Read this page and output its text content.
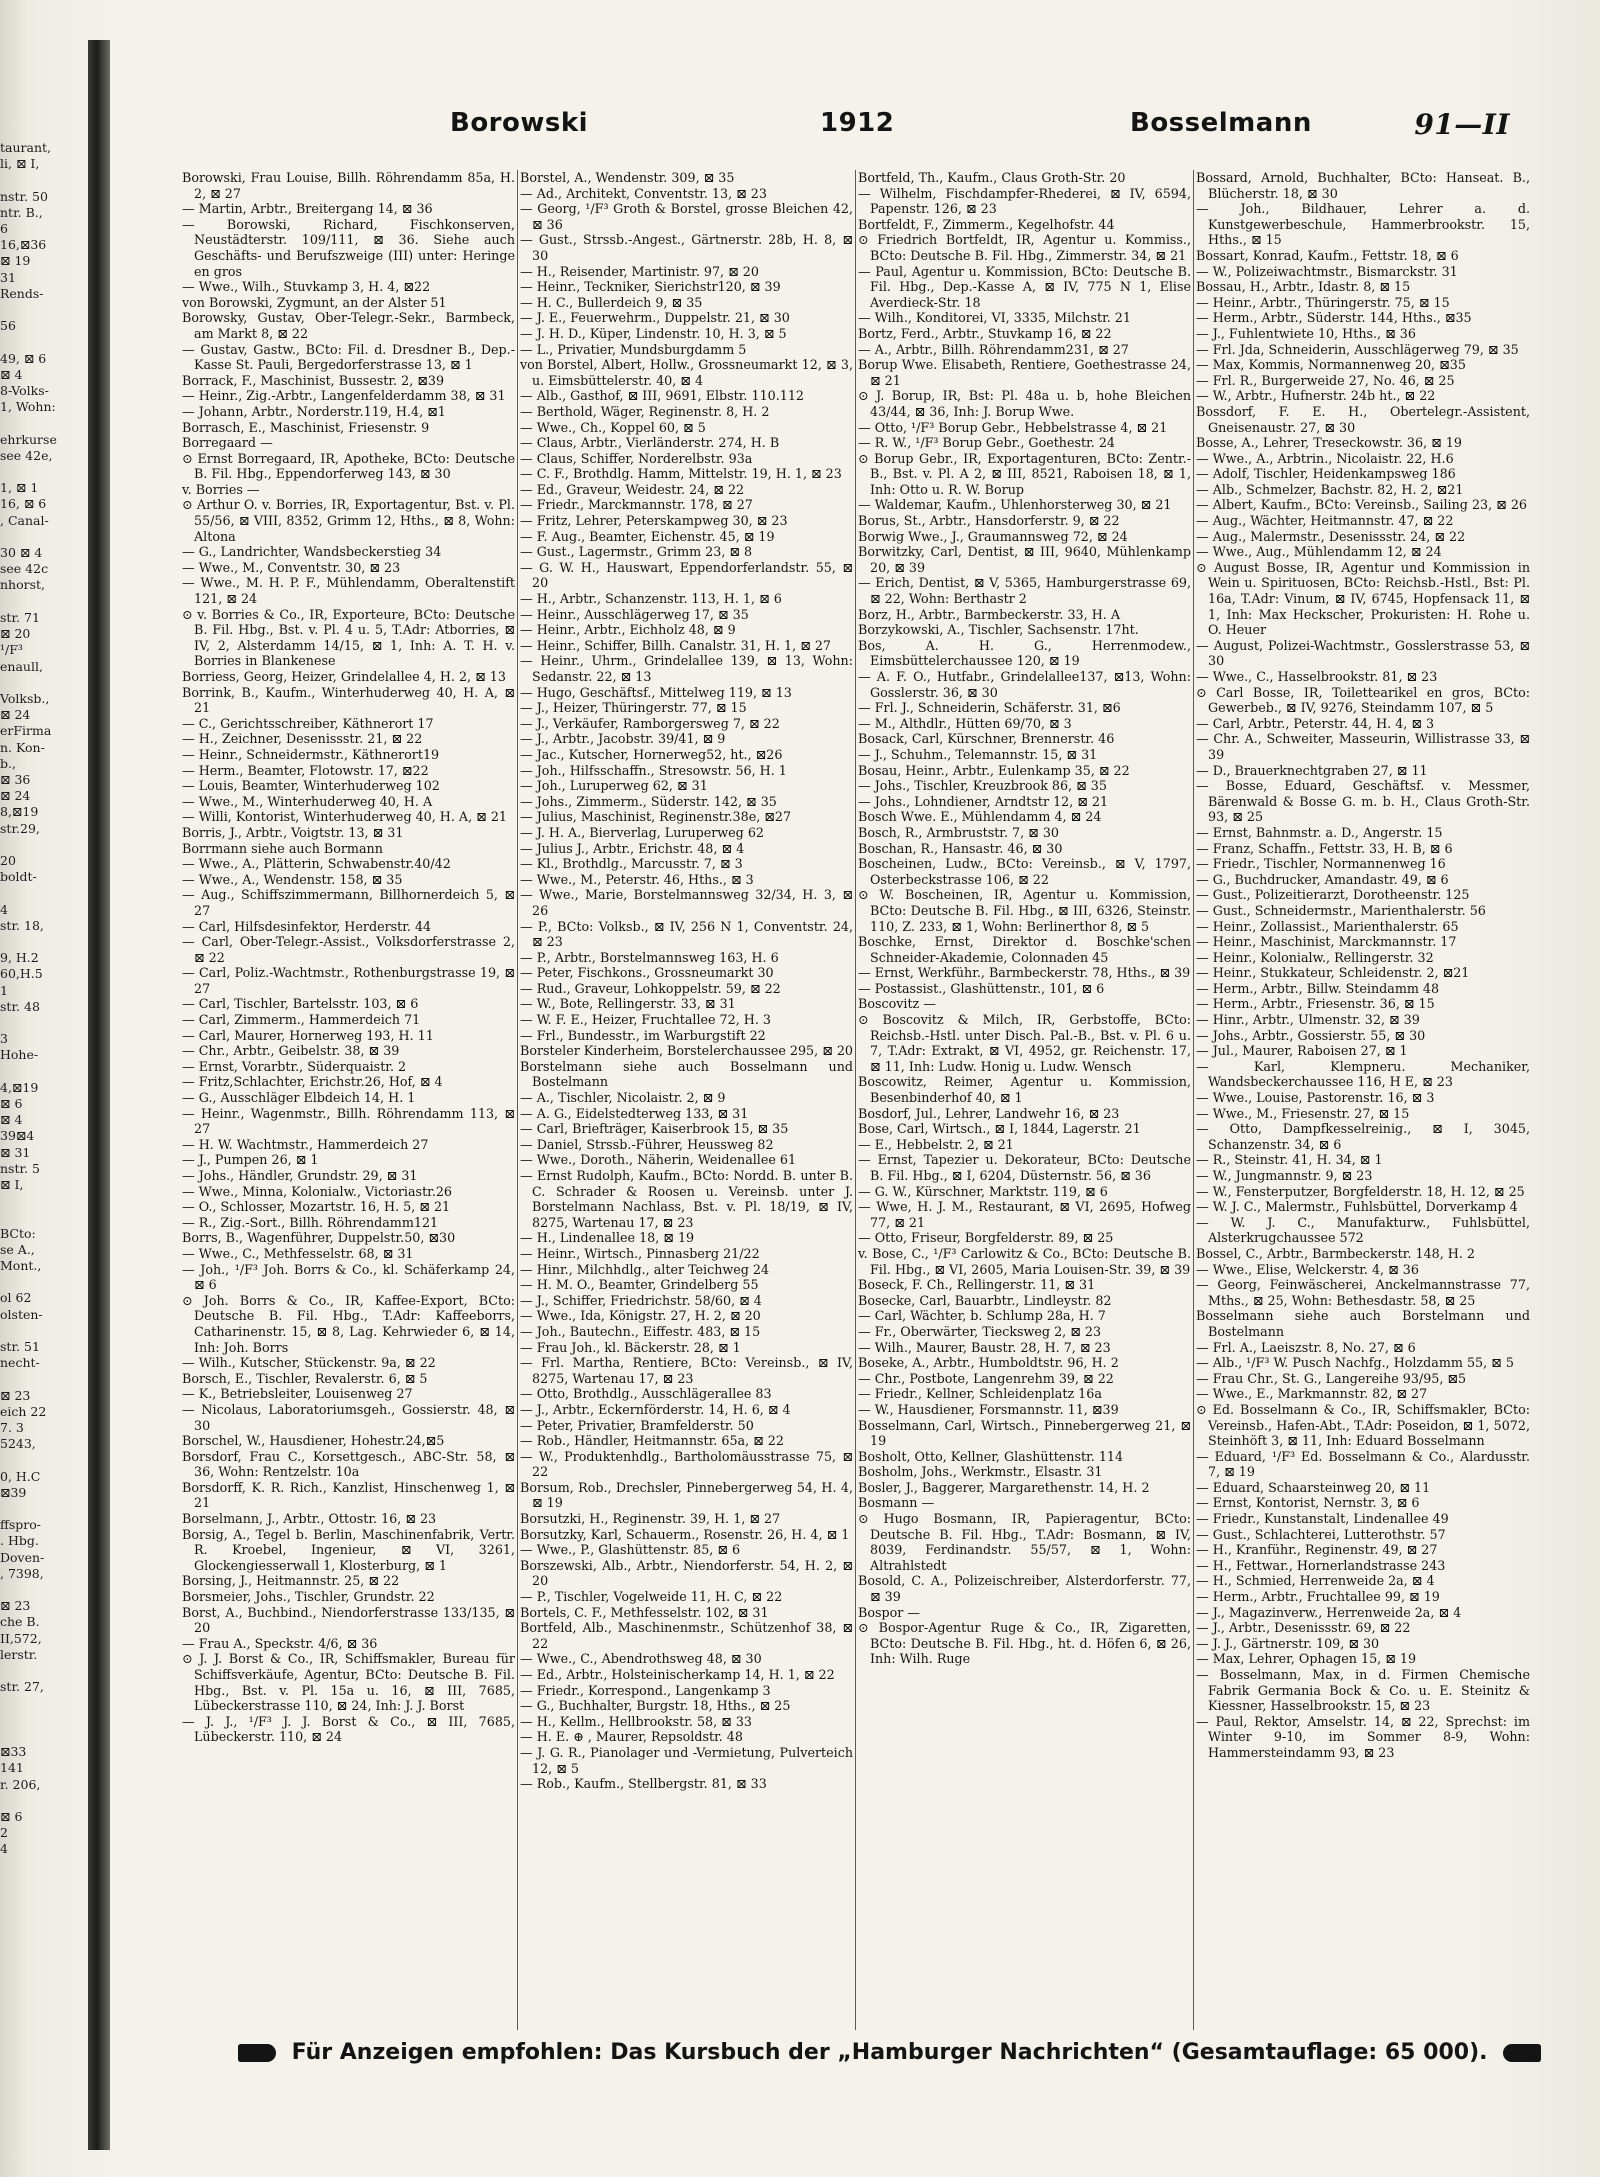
taurant,
li, ⊠ I,

nstr. 50
ntr. B.,
6
16,⊠36
⊠ 19
31
Rends-

56

49, ⊠ 6
⊠ 4
8-Volks-
1, Wohn:

ehrkurse
see 42e,

1, ⊠ 1
16, ⊠ 6
, Canal-

30 ⊠ 4
see 42c
nhorst,

str. 71
⊠ 20
¹/F³
enaull,

Volksb.,
⊠ 24
erFirma
n. Kon-
b.,
⊠ 36
⊠ 24
8,⊠19
str.29,

20
boldt-

4
str. 18,

9, H.2
60,H.5
1
str. 48

3
Hohe-

4,⊠19
⊠ 6
⊠ 4
39⊠4
⊠ 31
nstr. 5
⊠ I,

BCto:
se A.,
Mont.,

ol 62
olsten-

str. 51
necht-

⊠ 23
eich 22
7. 3
5243,

0, H.C
⊠39

ffspro-
. Hbg.
Doven-
, 7398,

⊠ 23
che B.
II,572,
lerstr.

str. 27,

⊠33
141
r. 206,

⊠ 6
2
4
Borowski	1912	Bosselmann	91—II

Borowski, Frau Louise, Billh. Röhrendamm 85a, H. 2, ⊠ 27

— Martin, Arbtr., Breitergang 14, ⊠ 36

— Borowski, Richard, Fischkonserven, Neustädterstr. 109/111, ⊠ 36. Siehe auch Geschäfts- und Berufszweige (III) unter: Heringe en gros

— Wwe., Wilh., Stuvkamp 3, H. 4, ⊠22

von Borowski, Zygmunt, an der Alster 51

Borowsky, Gustav, Ober-Telegr.-Sekr., Barmbeck, am Markt 8, ⊠ 22

— Gustav, Gastw., BCto: Fil. d. Dresdner B., Dep.-Kasse St. Pauli, Bergedorferstrasse 13, ⊠ 1

Borrack, F., Maschinist, Bussestr. 2, ⊠39

— Heinr., Zig.-Arbtr., Langenfelderdamm 38, ⊠ 31

— Johann, Arbtr., Norderstr.119, H.4, ⊠1

Borrasch, E., Maschinist, Friesenstr. 9

Borregaard —

⊙ Ernst Borregaard, IR, Apotheke, BCto: Deutsche B. Fil. Hbg., Eppendorferweg 143, ⊠ 30

v. Borries —

⊙ Arthur O. v. Borries, IR, Exportagentur, Bst. v. Pl. 55/56, ⊠ VIII, 8352, Grimm 12, Hths., ⊠ 8, Wohn: Altona

— G., Landrichter, Wandsbeckerstieg 34

— Wwe., M., Conventstr. 30, ⊠ 23

— Wwe., M. H. P. F., Mühlendamm, Oberaltenstift 121, ⊠ 24

⊙ v. Borries & Co., IR, Exporteure, BCto: Deutsche B. Fil. Hbg., Bst. v. Pl. 4 u. 5, T.Adr: Atborries, ⊠ IV, 2, Alsterdamm 14/15, ⊠ 1, Inh: A. T. H. v. Borries in Blankenese

Borriess, Georg, Heizer, Grindelallee 4, H. 2, ⊠ 13

Borrink, B., Kaufm., Winterhuderweg 40, H. A, ⊠ 21

— C., Gerichtsschreiber, Käthnerort 17

— H., Zeichner, Desenissstr. 21, ⊠ 22

— Heinr., Schneidermstr., Käthnerort19

— Herm., Beamter, Flotowstr. 17, ⊠22

— Louis, Beamter, Winterhuderweg 102

— Wwe., M., Winterhuderweg 40, H. A

— Willi, Kontorist, Winterhuderweg 40, H. A, ⊠ 21

Borris, J., Arbtr., Voigtstr. 13, ⊠ 31

Borrmann siehe auch Bormann

— Wwe., A., Plätterin, Schwabenstr.40/42

— Wwe., A., Wendenstr. 158, ⊠ 35

— Aug., Schiffszimmermann, Billhornerdeich 5, ⊠ 27

— Carl, Hilfsdesinfektor, Herderstr. 44

— Carl, Ober-Telegr.-Assist., Volksdorferstrasse 2, ⊠ 22

— Carl, Poliz.-Wachtmstr., Rothenburgstrasse 19, ⊠ 27

— Carl, Tischler, Bartelsstr. 103, ⊠ 6

— Carl, Zimmerm., Hammerdeich 71

— Carl, Maurer, Hornerweg 193, H. 11

— Chr., Arbtr., Geibelstr. 38, ⊠ 39

— Ernst, Vorarbtr., Süderquaistr. 2

— Fritz,Schlachter, Erichstr.26, Hof, ⊠ 4

— G., Ausschläger Elbdeich 14, H. 1

— Heinr., Wagenmstr., Billh. Röhrendamm 113, ⊠ 27

— H. W. Wachtmstr., Hammerdeich 27

— J., Pumpen 26, ⊠ 1

— Johs., Händler, Grundstr. 29, ⊠ 31

— Wwe., Minna, Kolonialw., Victoriastr.26

— O., Schlosser, Mozartstr. 16, H. 5, ⊠ 21

— R., Zig.-Sort., Billh. Röhrendamm121

Borrs, B., Wagenführer, Duppelstr.50, ⊠30

— Wwe., C., Methfesselstr. 68, ⊠ 31

— Joh., ¹/F³ Joh. Borrs & Co., kl. Schäferkamp 24, ⊠ 6

⊙ Joh. Borrs & Co., IR, Kaffee-Export, BCto: Deutsche B. Fil. Hbg., T.Adr: Kaffeeborrs, Catharinenstr. 15, ⊠ 8, Lag. Kehrwieder 6, ⊠ 14, Inh: Joh. Borrs

— Wilh., Kutscher, Stückenstr. 9a, ⊠ 22

Borsch, E., Tischler, Revalerstr. 6, ⊠ 5

— K., Betriebsleiter, Louisenweg 27

— Nicolaus, Laboratoriumsgeh., Gossierstr. 48, ⊠ 30

Borschel, W., Hausdiener, Hohestr.24,⊠5

Borsdorf, Frau C., Korsettgesch., ABC-Str. 58, ⊠ 36, Wohn: Rentzelstr. 10a

Borsdorff, K. R. Rich., Kanzlist, Hinschenweg 1, ⊠ 21

Borselmann, J., Arbtr., Ottostr. 16, ⊠ 23

Borsig, A., Tegel b. Berlin, Maschinenfabrik, Vertr. R. Kroebel, Ingenieur, ⊠ VI, 3261, Glockengiesserwall 1, Klosterburg, ⊠ 1

Borsing, J., Heitmannstr. 25, ⊠ 22

Borsmeier, Johs., Tischler, Grundstr. 22

Borst, A., Buchbind., Niendorferstrasse 133/135, ⊠ 20

— Frau A., Speckstr. 4/6, ⊠ 36

⊙ J. J. Borst & Co., IR, Schiffsmakler, Bureau für Schiffsverkäufe, Agentur, BCto: Deutsche B. Fil. Hbg., Bst. v. Pl. 15a u. 16, ⊠ III, 7685, Lübeckerstrasse 110, ⊠ 24, Inh: J. J. Borst

— J. J., ¹/F³ J. J. Borst & Co., ⊠ III, 7685, Lübeckerstr. 110, ⊠ 24

Borstel, A., Wendenstr. 309, ⊠ 35

— Ad., Architekt, Conventstr. 13, ⊠ 23

— Georg, ¹/F³ Groth & Borstel, grosse Bleichen 42, ⊠ 36

— Gust., Strssb.-Angest., Gärtnerstr. 28b, H. 8, ⊠ 30

— H., Reisender, Martinistr. 97, ⊠ 20

— Heinr., Teckniker, Sierichstr120, ⊠ 39

— H. C., Bullerdeich 9, ⊠ 35

— J. E., Feuerwehrm., Duppelstr. 21, ⊠ 30

— J. H. D., Küper, Lindenstr. 10, H. 3, ⊠ 5

— L., Privatier, Mundsburgdamm 5

von Borstel, Albert, Hollw., Grossneumarkt 12, ⊠ 3, u. Eimsbüttelerstr. 40, ⊠ 4

— Alb., Gasthof, ⊠ III, 9691, Elbstr. 110.112

— Berthold, Wäger, Reginenstr. 8, H. 2

— Wwe., Ch., Koppel 60, ⊠ 5

— Claus, Arbtr., Vierländerstr. 274, H. B

— Claus, Schiffer, Norderelbstr. 93a

— C. F., Brothdlg. Hamm, Mittelstr. 19, H. 1, ⊠ 23

— Ed., Graveur, Weidestr. 24, ⊠ 22

— Friedr., Marckmannstr. 178, ⊠ 27

— Fritz, Lehrer, Peterskampweg 30, ⊠ 23

— F. Aug., Beamter, Eichenstr. 45, ⊠ 19

— Gust., Lagermstr., Grimm 23, ⊠ 8

— G. W. H., Hauswart, Eppendorferlandstr. 55, ⊠ 20

— H., Arbtr., Schanzenstr. 113, H. 1, ⊠ 6

— Heinr., Ausschlägerweg 17, ⊠ 35

— Heinr., Arbtr., Eichholz 48, ⊠ 9

— Heinr., Schiffer, Billh. Canalstr. 31, H. 1, ⊠ 27

— Heinr., Uhrm., Grindelallee 139, ⊠ 13, Wohn: Sedanstr. 22, ⊠ 13

— Hugo, Geschäftsf., Mittelweg 119, ⊠ 13

— J., Heizer, Thüringerstr. 77, ⊠ 15

— J., Verkäufer, Ramborgersweg 7, ⊠ 22

— J., Arbtr., Jacobstr. 39/41, ⊠ 9

— Jac., Kutscher, Hornerweg52, ht., ⊠26

— Joh., Hilfsschaffn., Stresowstr. 56, H. 1

— Joh., Luruperweg 62, ⊠ 31

— Johs., Zimmerm., Süderstr. 142, ⊠ 35

— Julius, Maschinist, Reginenstr.38e, ⊠27

— J. H. A., Bierverlag, Luruperweg 62

— Julius J., Arbtr., Erichstr. 48, ⊠ 4

— Kl., Brothdlg., Marcusstr. 7, ⊠ 3

— Wwe., M., Peterstr. 46, Hths., ⊠ 3

— Wwe., Marie, Borstelmannsweg 32/34, H. 3, ⊠ 26

— P., BCto: Volksb., ⊠ IV, 256 N 1, Conventstr. 24, ⊠ 23

— P., Arbtr., Borstelmannsweg 163, H. 6

— Peter, Fischkons., Grossneumarkt 30

— Rud., Graveur, Lohkoppelstr. 59, ⊠ 22

— W., Bote, Rellingerstr. 33, ⊠ 31

— W. F. E., Heizer, Fruchtallee 72, H. 3

— Frl., Bundesstr., im Warburgstift 22

Borsteler Kinderheim, Borstelerchaussee 295, ⊠ 20

Borstelmann siehe auch Bosselmann und Bostelmann

— A., Tischler, Nicolaistr. 2, ⊠ 9

— A. G., Eidelstedterweg 133, ⊠ 31

— Carl, Briefträger, Kaiserbrook 15, ⊠ 35

— Daniel, Strssb.-Führer, Heussweg 82

— Wwe., Doroth., Näherin, Weidenallee 61

— Ernst Rudolph, Kaufm., BCto: Nordd. B. unter B. C. Schrader & Roosen u. Vereinsb. unter J. Borstelmann Nachlass, Bst. v. Pl. 18/19, ⊠ IV, 8275, Wartenau 17, ⊠ 23

— H., Lindenallee 18, ⊠ 19

— Heinr., Wirtsch., Pinnasberg 21/22

— Hinr., Milchhdlg., alter Teichweg 24

— H. M. O., Beamter, Grindelberg 55

— J., Schiffer, Friedrichstr. 58/60, ⊠ 4

— Wwe., Ida, Königstr. 27, H. 2, ⊠ 20

— Joh., Bautechn., Eiffestr. 483, ⊠ 15

— Frau Joh., kl. Bäckerstr. 28, ⊠ 1

— Frl. Martha, Rentiere, BCto: Vereinsb., ⊠ IV, 8275, Wartenau 17, ⊠ 23

— Otto, Brothdlg., Ausschlägerallee 83

— J., Arbtr., Eckernförderstr. 14, H. 6, ⊠ 4

— Peter, Privatier, Bramfelderstr. 50

— Rob., Händler, Heitmannstr. 65a, ⊠ 22

— W., Produktenhdlg., Bartholomäusstrasse 75, ⊠ 22

Borsum, Rob., Drechsler, Pinnebergerweg 54, H. 4, ⊠ 19

Borsutzki, H., Reginenstr. 39, H. 1, ⊠ 27

Borsutzky, Karl, Schauerm., Rosenstr. 26, H. 4, ⊠ 1

— Wwe., P., Glashüttenstr. 85, ⊠ 6

Borszewski, Alb., Arbtr., Niendorferstr. 54, H. 2, ⊠ 20

— P., Tischler, Vogelweide 11, H. C, ⊠ 22

Bortels, C. F., Methfesselstr. 102, ⊠ 31

Bortfeld, Alb., Maschinenmstr., Schützenhof 38, ⊠ 22

— Wwe., C., Abendrothsweg 48, ⊠ 30

— Ed., Arbtr., Holsteinischerkamp 14, H. 1, ⊠ 22

— Friedr., Korrespond., Langenkamp 3

— G., Buchhalter, Burgstr. 18, Hths., ⊠ 25

— H., Kellm., Hellbrookstr. 58, ⊠ 33

— H. E. ⊕ , Maurer, Repsoldstr. 48

— J. G. R., Pianolager und -Vermietung, Pulverteich 12, ⊠ 5

— Rob., Kaufm., Stellbergstr. 81, ⊠ 33

Bortfeld, Th., Kaufm., Claus Groth-Str. 20

— Wilhelm, Fischdampfer-Rhederei, ⊠ IV, 6594, Papenstr. 126, ⊠ 23

Bortfeldt, F., Zimmerm., Kegelhofstr. 44

⊙ Friedrich Bortfeldt, IR, Agentur u. Kommiss., BCto: Deutsche B. Fil. Hbg., Zimmerstr. 34, ⊠ 21

— Paul, Agentur u. Kommission, BCto: Deutsche B. Fil. Hbg., Dep.-Kasse A, ⊠ IV, 775 N 1, Elise Averdieck-Str. 18

— Wilh., Konditorei, VI, 3335, Milchstr. 21

Bortz, Ferd., Arbtr., Stuvkamp 16, ⊠ 22

— A., Arbtr., Billh. Röhrendamm231, ⊠ 27

Borup Wwe. Elisabeth, Rentiere, Goethestrasse 24, ⊠ 21

⊙ J. Borup, IR, Bst: Pl. 48a u. b, hohe Bleichen 43/44, ⊠ 36, Inh: J. Borup Wwe.

— Otto, ¹/F³ Borup Gebr., Hebbelstrasse 4, ⊠ 21

— R. W., ¹/F³ Borup Gebr., Goethestr. 24

⊙ Borup Gebr., IR, Exportagenturen, BCto: Zentr.-B., Bst. v. Pl. A 2, ⊠ III, 8521, Raboisen 18, ⊠ 1, Inh: Otto u. R. W. Borup

— Waldemar, Kaufm., Uhlenhorsterweg 30, ⊠ 21

Borus, St., Arbtr., Hansdorferstr. 9, ⊠ 22

Borwig Wwe., J., Graumannsweg 72, ⊠ 24

Borwitzky, Carl, Dentist, ⊠ III, 9640, Mühlenkamp 20, ⊠ 39

— Erich, Dentist, ⊠ V, 5365, Hamburgerstrasse 69, ⊠ 22, Wohn: Berthastr 2

Borz, H., Arbtr., Barmbeckerstr. 33, H. A

Borzykowski, A., Tischler, Sachsenstr. 17ht.

Bos, A. H. G., Herrenmodew., Eimsbüttelerchaussee 120, ⊠ 19

— A. F. O., Hutfabr., Grindelallee137, ⊠13, Wohn: Gosslerstr. 36, ⊠ 30

— Frl. J., Schneiderin, Schäferstr. 31, ⊠6

— M., Althdlr., Hütten 69/70, ⊠ 3

Bosack, Carl, Kürschner, Brennerstr. 46

— J., Schuhm., Telemannstr. 15, ⊠ 31

Bosau, Heinr., Arbtr., Eulenkamp 35, ⊠ 22

— Johs., Tischler, Kreuzbrook 86, ⊠ 35

— Johs., Lohndiener, Arndtstr 12, ⊠ 21

Bosch Wwe. E., Mühlendamm 4, ⊠ 24

Bosch, R., Armbruststr. 7, ⊠ 30

Boschan, R., Hansastr. 46, ⊠ 30

Boscheinen, Ludw., BCto: Vereinsb., ⊠ V, 1797, Osterbeckstrasse 106, ⊠ 22

⊙ W. Boscheinen, IR, Agentur u. Kommission, BCto: Deutsche B. Fil. Hbg., ⊠ III, 6326, Steinstr. 110, Z. 233, ⊠ 1, Wohn: Berlinerthor 8, ⊠ 5

Boschke, Ernst, Direktor d. Boschke'schen Schneider-Akademie, Colonnaden 45

— Ernst, Werkführ., Barmbeckerstr. 78, Hths., ⊠ 39

— Postassist., Glashüttenstr., 101, ⊠ 6

Boscovitz —

⊙ Boscovitz & Milch, IR, Gerbstoffe, BCto: Reichsb.-Hstl. unter Disch. Pal.-B., Bst. v. Pl. 6 u. 7, T.Adr: Extrakt, ⊠ VI, 4952, gr. Reichenstr. 17, ⊠ 11, Inh: Ludw. Honig u. Ludw. Wensch

Boscowitz, Reimer, Agentur u. Kommission, Besenbinderhof 40, ⊠ 1

Bosdorf, Jul., Lehrer, Landwehr 16, ⊠ 23

Bose, Carl, Wirtsch., ⊠ I, 1844, Lagerstr. 21

— E., Hebbelstr. 2, ⊠ 21

— Ernst, Tapezier u. Dekorateur, BCto: Deutsche B. Fil. Hbg., ⊠ I, 6204, Düsternstr. 56, ⊠ 36

— G. W., Kürschner, Marktstr. 119, ⊠ 6

— Wwe, H. J. M., Restaurant, ⊠ VI, 2695, Hofweg 77, ⊠ 21

— Otto, Friseur, Borgfelderstr. 89, ⊠ 25

v. Bose, C., ¹/F³ Carlowitz & Co., BCto: Deutsche B. Fil. Hbg., ⊠ VI, 2605, Maria Louisen-Str. 39, ⊠ 39

Boseck, F. Ch., Rellingerstr. 11, ⊠ 31

Bosecke, Carl, Bauarbtr., Lindleystr. 82

— Carl, Wächter, b. Schlump 28a, H. 7

— Fr., Oberwärter, Tiecksweg 2, ⊠ 23

— Wilh., Maurer, Baustr. 28, H. 7, ⊠ 23

Boseke, A., Arbtr., Humboldtstr. 96, H. 2

— Chr., Postbote, Langenrehm 39, ⊠ 22

— Friedr., Kellner, Schleidenplatz 16a

— W., Hausdiener, Forsmannstr. 11, ⊠39

Bosselmann, Carl, Wirtsch., Pinnebergerweg 21, ⊠ 19

Bosholt, Otto, Kellner, Glashüttenstr. 114

Bosholm, Johs., Werkmstr., Elsastr. 31

Bosler, J., Baggerer, Margarethenstr. 14, H. 2

Bosmann —

⊙ Hugo Bosmann, IR, Papieragentur, BCto: Deutsche B. Fil. Hbg., T.Adr: Bosmann, ⊠ IV, 8039, Ferdinandstr. 55/57, ⊠ 1, Wohn: Altrahlstedt

Bosold, C. A., Polizeischreiber, Alsterdorferstr. 77, ⊠ 39

Bospor —

⊙ Bospor-Agentur Ruge & Co., IR, Zigaretten, BCto: Deutsche B. Fil. Hbg., ht. d. Höfen 6, ⊠ 26, Inh: Wilh. Ruge

Bossard, Arnold, Buchhalter, BCto: Hanseat. B., Blücherstr. 18, ⊠ 30

— Joh., Bildhauer, Lehrer a. d. Kunstgewerbeschule, Hammerbrookstr. 15, Hths., ⊠ 15

Bossart, Konrad, Kaufm., Fettstr. 18, ⊠ 6

— W., Polizeiwachtmstr., Bismarckstr. 31

Bossau, H., Arbtr., Idastr. 8, ⊠ 15

— Heinr., Arbtr., Thüringerstr. 75, ⊠ 15

— Herm., Arbtr., Süderstr. 144, Hths., ⊠35

— J., Fuhlentwiete 10, Hths., ⊠ 36

— Frl. Jda, Schneiderin, Ausschlägerweg 79, ⊠ 35

— Max, Kommis, Normannenweg 20, ⊠35

— Frl. R., Burgerweide 27, No. 46, ⊠ 25

— W., Arbtr., Hufnerstr. 24b ht., ⊠ 22

Bossdorf, F. E. H., Obertelegr.-Assistent, Gneisenaustr. 27, ⊠ 30

Bosse, A., Lehrer, Treseckowstr. 36, ⊠ 19

— Wwe., A., Arbtrin., Nicolaistr. 22, H.6

— Adolf, Tischler, Heidenkampsweg 186

— Alb., Schmelzer, Bachstr. 82, H. 2, ⊠21

— Albert, Kaufm., BCto: Vereinsb., Sailing 23, ⊠ 26

— Aug., Wächter, Heitmannstr. 47, ⊠ 22

— Aug., Malermstr., Desenissstr. 24, ⊠ 22

— Wwe., Aug., Mühlendamm 12, ⊠ 24

⊙ August Bosse, IR, Agentur und Kommission in Wein u. Spirituosen, BCto: Reichsb.-Hstl., Bst: Pl. 16a, T.Adr: Vinum, ⊠ IV, 6745, Hopfensack 11, ⊠ 1, Inh: Max Heckscher, Prokuristen: H. Rohe u. O. Heuer

— August, Polizei-Wachtmstr., Gosslerstrasse 53, ⊠ 30

— Wwe., C., Hasselbrookstr. 81, ⊠ 23

⊙ Carl Bosse, IR, Toilettearikel en gros, BCto: Gewerbeb., ⊠ IV, 9276, Steindamm 107, ⊠ 5

— Carl, Arbtr., Peterstr. 44, H. 4, ⊠ 3

— Chr. A., Schweiter, Masseurin, Willistrasse 33, ⊠ 39

— D., Brauerknechtgraben 27, ⊠ 11

— Bosse, Eduard, Geschäftsf. v. Messmer, Bärenwald & Bosse G. m. b. H., Claus Groth-Str. 93, ⊠ 25

— Ernst, Bahnmstr. a. D., Angerstr. 15

— Franz, Schaffn., Fettstr. 33, H. B, ⊠ 6

— Friedr., Tischler, Normannenweg 16

— G., Buchdrucker, Amandastr. 49, ⊠ 6

— Gust., Polizeitierarzt, Dorotheenstr. 125

— Gust., Schneidermstr., Marienthalerstr. 56

— Heinr., Zollassist., Marienthalerstr. 65

— Heinr., Maschinist, Marckmannstr. 17

— Heinr., Kolonialw., Rellingerstr. 32

— Heinr., Stukkateur, Schleidenstr. 2, ⊠21

— Herm., Arbtr., Billw. Steindamm 48

— Herm., Arbtr., Friesenstr. 36, ⊠ 15

— Hinr., Arbtr., Ulmenstr. 32, ⊠ 39

— Johs., Arbtr., Gossierstr. 55, ⊠ 30

— Jul., Maurer, Raboisen 27, ⊠ 1

— Karl, Klempneru. Mechaniker, Wandsbeckerchaussee 116, H E, ⊠ 23

— Wwe., Louise, Pastorenstr. 16, ⊠ 3

— Wwe., M., Friesenstr. 27, ⊠ 15

— Otto, Dampfkesselreinig., ⊠ I, 3045, Schanzenstr. 34, ⊠ 6

— R., Steinstr. 41, H. 34, ⊠ 1

— W., Jungmannstr. 9, ⊠ 23

— W., Fensterputzer, Borgfelderstr. 18, H. 12, ⊠ 25

— W. J. C., Malermstr., Fuhlsbüttel, Dorverkamp 4

— W. J. C., Manufakturw., Fuhlsbüttel, Alsterkrugchaussee 572

Bossel, C., Arbtr., Barmbeckerstr. 148, H. 2

— Wwe., Elise, Welckerstr. 4, ⊠ 36

— Georg, Feinwäscherei, Anckelmannstrasse 77, Mths., ⊠ 25, Wohn: Bethesdastr. 58, ⊠ 25

Bosselmann siehe auch Borstelmann und Bostelmann

— Frl. A., Laeiszstr. 8, No. 27, ⊠ 6

— Alb., ¹/F³ W. Pusch Nachfg., Holzdamm 55, ⊠ 5

— Frau Chr., St. G., Langereihe 93/95, ⊠5

— Wwe., E., Markmannstr. 82, ⊠ 27

⊙ Ed. Bosselmann & Co., IR, Schiffsmakler, BCto: Vereinsb., Hafen-Abt., T.Adr: Poseidon, ⊠ 1, 5072, Steinhöft 3, ⊠ 11, Inh: Eduard Bosselmann

— Eduard, ¹/F³ Ed. Bosselmann & Co., Alardusstr. 7, ⊠ 19

— Eduard, Schaarsteinweg 20, ⊠ 11

— Ernst, Kontorist, Nernstr. 3, ⊠ 6

— Friedr., Kunstanstalt, Lindenallee 49

— Gust., Schlachterei, Lutterothstr. 57

— H., Kranführ., Reginenstr. 49, ⊠ 27

— H., Fettwar., Hornerlandstrasse 243

— H., Schmied, Herrenweide 2a, ⊠ 4

— Herm., Arbtr., Fruchtallee 99, ⊠ 19

— J., Magazinverw., Herrenweide 2a, ⊠ 4

— J., Arbtr., Desenissstr. 69, ⊠ 22

— J. J., Gärtnerstr. 109, ⊠ 30

— Max, Lehrer, Ophagen 15, ⊠ 19

— Bosselmann, Max, in d. Firmen Chemische Fabrik Germania Bock & Co. u. E. Steinitz & Kiessner, Hasselbrookstr. 15, ⊠ 23

— Paul, Rektor, Amselstr. 14, ⊠ 22, Sprechst: im Winter 9-10, im Sommer 8-9, Wohn: Hammersteindamm 93, ⊠ 23

Für Anzeigen empfohlen: Das Kursbuch der „Hamburger Nachrichten“ (Gesamtauflage: 65 000).
